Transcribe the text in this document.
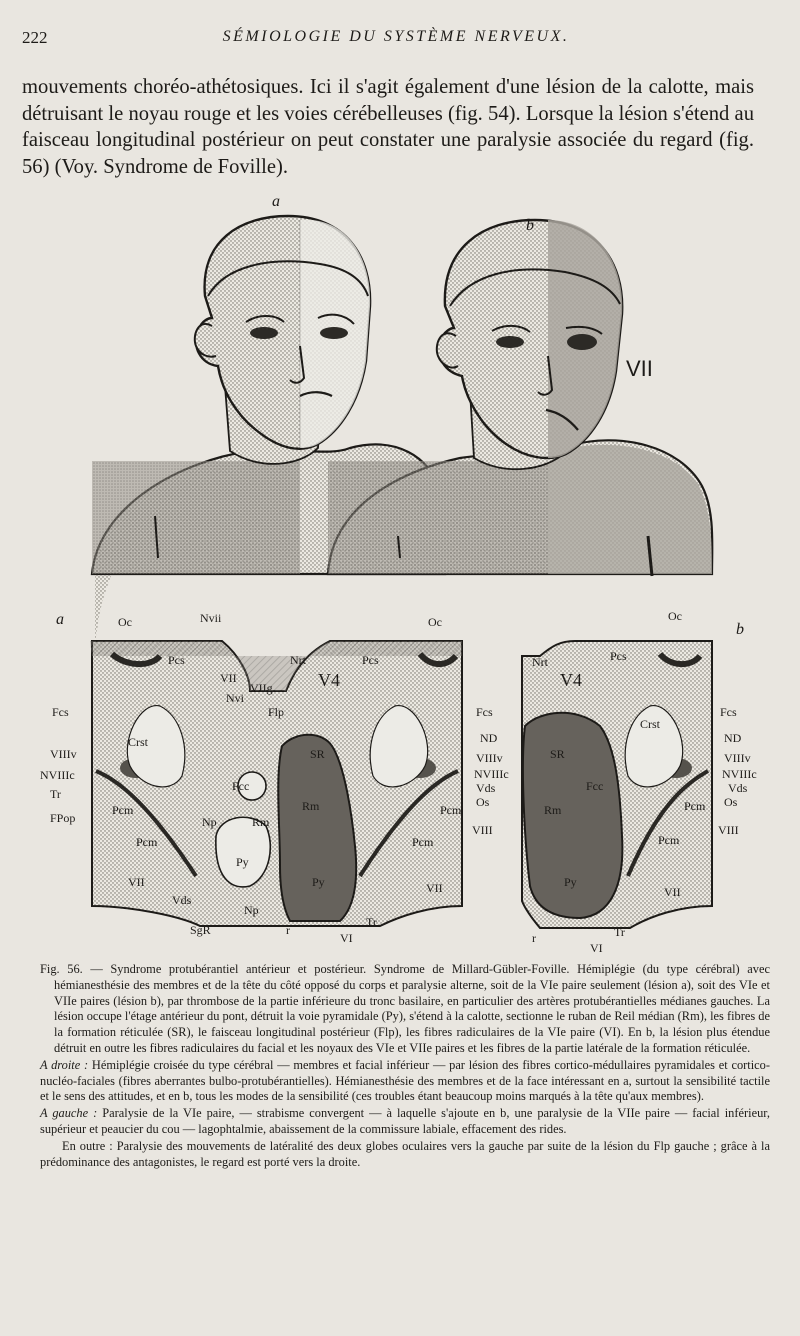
222	SÉMIOLOGIE DU SYSTÈME NERVEUX.

mouvements choréo-athétosiques. Ici il s'agit également d'une lésion de la calotte, mais détruisant le noyau rouge et les voies cérébelleuses (fig. 54). Lorsque la lésion s'étend au faisceau longitudinal postérieur on peut constater une paralysie associée du regard (fig. 56) (Voy. Syndrome de Foville).

a
b
VII
a
b
Oc	Nvii
Pcs
VII
Nvi
VIIg
Nrt
Flp
V4
Fcs
Crst
VIIIv
NVIIIc
Tr
FPop
Pcm
Pcm
SR
Fcc
Rm
Rm
Np
Py
Py
Np
Vds
SgR	r
VI
Tr
VII	VII
Oc
Pcs
Fcs
ND
VIIIv
NVIIIc
Vds
Os
VIII
Pcm
Pcm
Oc
Nrt
V4
Pcs
Crst
Fcs
ND
VIIIv
NVIIIc
Vds
Os
VIII
SR
Fcc
Rm
Py
Pcm
Pcm
VII
r
VI
Tr

Fig. 56. — Syndrome protubérantiel antérieur et postérieur. Syndrome de Millard-Gübler-Foville. Hémiplégie (du type cérébral) avec hémianesthésie des membres et de la tête du côté opposé du corps et paralysie alterne, soit de la VIe paire seulement (lésion a), soit des VIe et VIIe paires (lésion b), par thrombose de la partie inférieure du tronc basilaire, en particulier des artères protubérantielles médianes gauches. La lésion occupe l'étage antérieur du pont, détruit la voie pyramidale (Py), s'étend à la calotte, sectionne le ruban de Reil médian (Rm), les fibres de la formation réticulée (SR), le faisceau longitudinal postérieur (Flp), les fibres radiculaires de la VIe paire (VI). En b, la lésion plus étendue détruit en outre les fibres radiculaires du facial et les noyaux des VIe et VIIe paires et les fibres de la partie latérale de la formation réticulée.

A droite : Hémiplégie croisée du type cérébral — membres et facial inférieur — par lésion des fibres cortico-médullaires pyramidales et cortico-nucléo-faciales (fibres aberrantes bulbo-protubérantielles). Hémianesthésie des membres et de la face intéressant en a, surtout la sensibilité tactile et le sens des attitudes, et en b, tous les modes de la sensibilité (ces troubles étant beaucoup moins marqués à la tête qu'aux membres).

A gauche : Paralysie de la VIe paire, — strabisme convergent — à laquelle s'ajoute en b, une paralysie de la VIIe paire — facial inférieur, supérieur et peaucier du cou — lagophtalmie, abaissement de la commissure labiale, effacement des rides.

En outre : Paralysie des mouvements de latéralité des deux globes oculaires vers la gauche par suite de la lésion du Flp gauche ; grâce à la prédominance des antagonistes, le regard est porté vers la droite.
